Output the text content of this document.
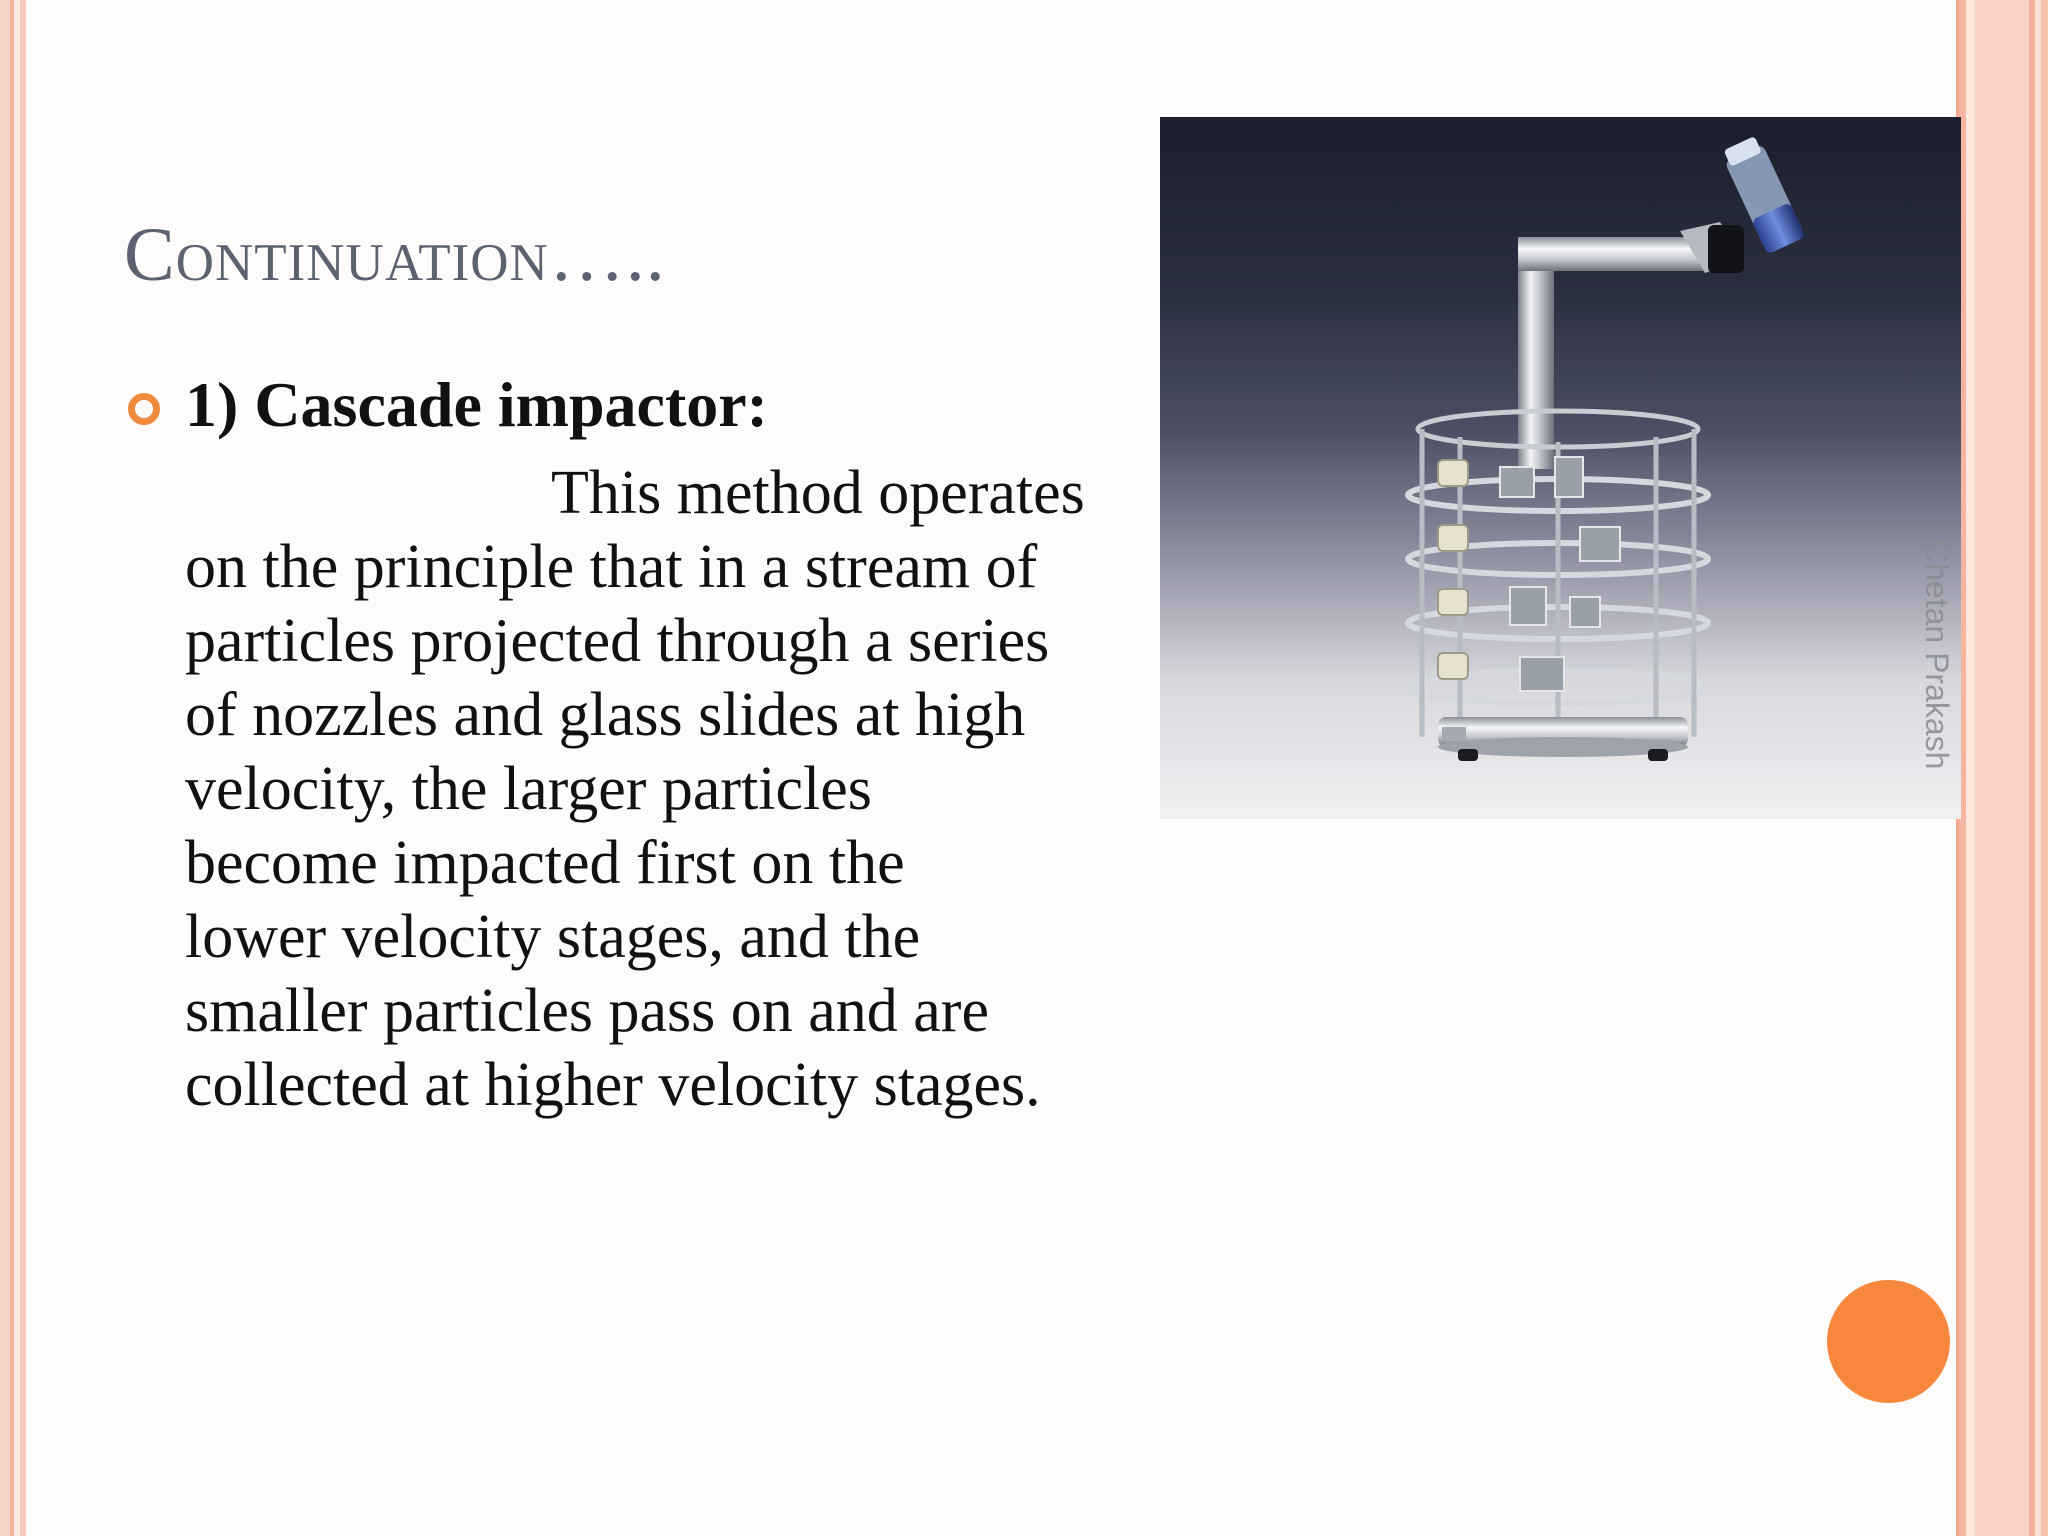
Continuation…..
1) Cascade impactor:
This method operates
on the principle that in a stream of
particles projected through a series
of nozzles and glass slides at high
velocity, the larger particles
become impacted first on the
lower velocity stages, and the
smaller particles pass on and are
collected at higher velocity stages.
Chetan Prakash
